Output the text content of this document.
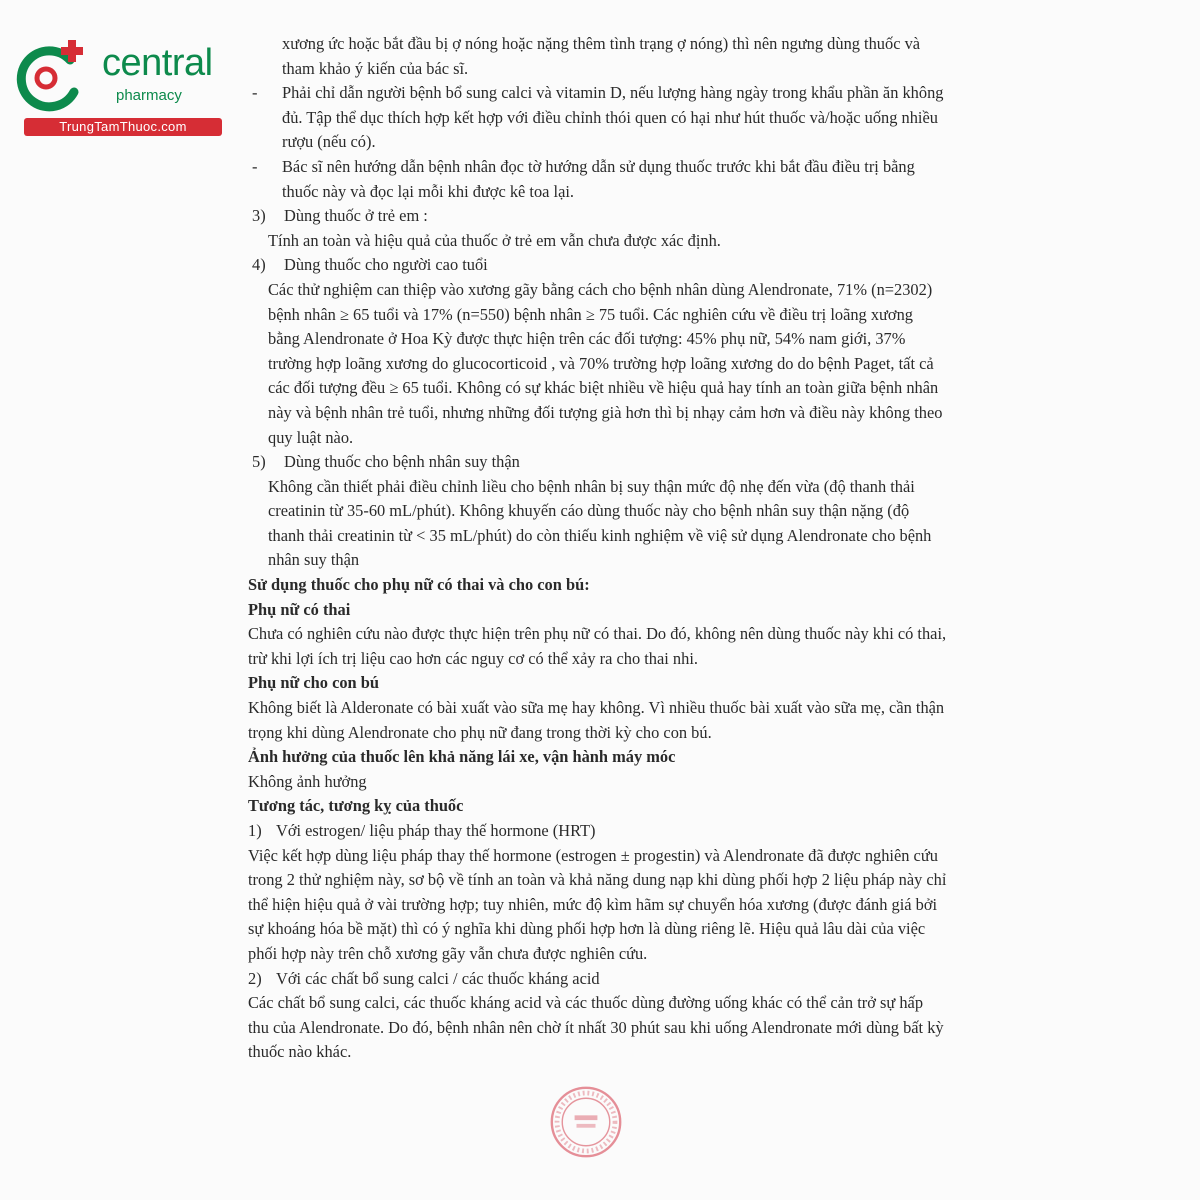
central
pharmacy
TrungTamThuoc.com

xương ức hoặc bắt đầu bị ợ nóng hoặc nặng thêm tình trạng ợ nóng) thì nên ngưng dùng thuốc và tham khảo ý kiến của bác sĩ.

- Phải chỉ dẫn người bệnh bổ sung calci và vitamin D, nếu lượng hàng ngày trong khẩu phần ăn không đủ. Tập thể dục thích hợp kết hợp với điều chỉnh thói quen có hại như hút thuốc và/hoặc uống nhiều rượu (nếu có).
- Bác sĩ nên hướng dẫn bệnh nhân đọc tờ hướng dẫn sử dụng thuốc trước khi bắt đầu điều trị bằng thuốc này và đọc lại mỗi khi được kê toa lại.
3) Dùng thuốc ở trẻ em :

Tính an toàn và hiệu quả của thuốc ở trẻ em vẫn chưa được xác định.

4) Dùng thuốc cho người cao tuổi

Các thử nghiệm can thiệp vào xương gãy bằng cách cho bệnh nhân dùng Alendronate, 71% (n=2302) bệnh nhân ≥ 65 tuổi và 17% (n=550) bệnh nhân ≥ 75 tuổi. Các nghiên cứu về điều trị loãng xương bằng Alendronate ở Hoa Kỳ được thực hiện trên các đối tượng: 45% phụ nữ, 54% nam giới, 37% trường hợp loãng xương do glucocorticoid , và 70% trường hợp loãng xương do do bệnh Paget, tất cả các đối tượng đều ≥ 65 tuổi. Không có sự khác biệt nhiều về hiệu quả hay tính an toàn giữa bệnh nhân này và bệnh nhân trẻ tuổi, nhưng những đối tượng già hơn thì bị nhạy cảm hơn và điều này không theo quy luật nào.

5) Dùng thuốc cho bệnh nhân suy thận

Không cần thiết phải điều chỉnh liều cho bệnh nhân bị suy thận mức độ nhẹ đến vừa (độ thanh thải creatinin từ 35-60 mL/phút). Không khuyến cáo dùng thuốc này cho bệnh nhân suy thận nặng (độ thanh thải creatinin từ < 35 mL/phút) do còn thiếu kinh nghiệm về việ sử dụng Alendronate cho bệnh nhân suy thận

Sử dụng thuốc cho phụ nữ có thai và cho con bú:

Phụ nữ có thai

Chưa có nghiên cứu nào được thực hiện trên phụ nữ có thai. Do đó, không nên dùng thuốc này khi có thai, trừ khi lợi ích trị liệu cao hơn các nguy cơ có thể xảy ra cho thai nhi.

Phụ nữ cho con bú

Không biết là Alderonate có bài xuất vào sữa mẹ hay không. Vì nhiều thuốc bài xuất vào sữa mẹ, cần thận trọng khi dùng Alendronate cho phụ nữ đang trong thời kỳ cho con bú.

Ảnh hưởng của thuốc lên khả năng lái xe, vận hành máy móc

Không ảnh hưởng

Tương tác, tương kỵ của thuốc

1) Với estrogen/ liệu pháp thay thế hormone (HRT)

Việc kết hợp dùng liệu pháp thay thế hormone (estrogen ± progestin) và Alendronate đã được nghiên cứu trong 2 thử nghiệm này, sơ bộ về tính an toàn và khả năng dung nạp khi dùng phối hợp 2 liệu pháp này chỉ thể hiện hiệu quả ở vài trường hợp; tuy nhiên, mức độ kìm hãm sự chuyển hóa xương (được đánh giá bởi sự khoáng hóa bề mặt) thì có ý nghĩa khi dùng phối hợp hơn là dùng riêng lẽ. Hiệu quả lâu dài của việc phối hợp này trên chỗ xương gãy vẫn chưa được nghiên cứu.

2) Với các chất bổ sung calci / các thuốc kháng acid

Các chất bổ sung calci, các thuốc kháng acid và các thuốc dùng đường uống khác có thể cản trở sự hấp thu của Alendronate. Do đó, bệnh nhân nên chờ ít nhất 30 phút sau khi uống Alendronate mới dùng bất kỳ thuốc nào khác.
